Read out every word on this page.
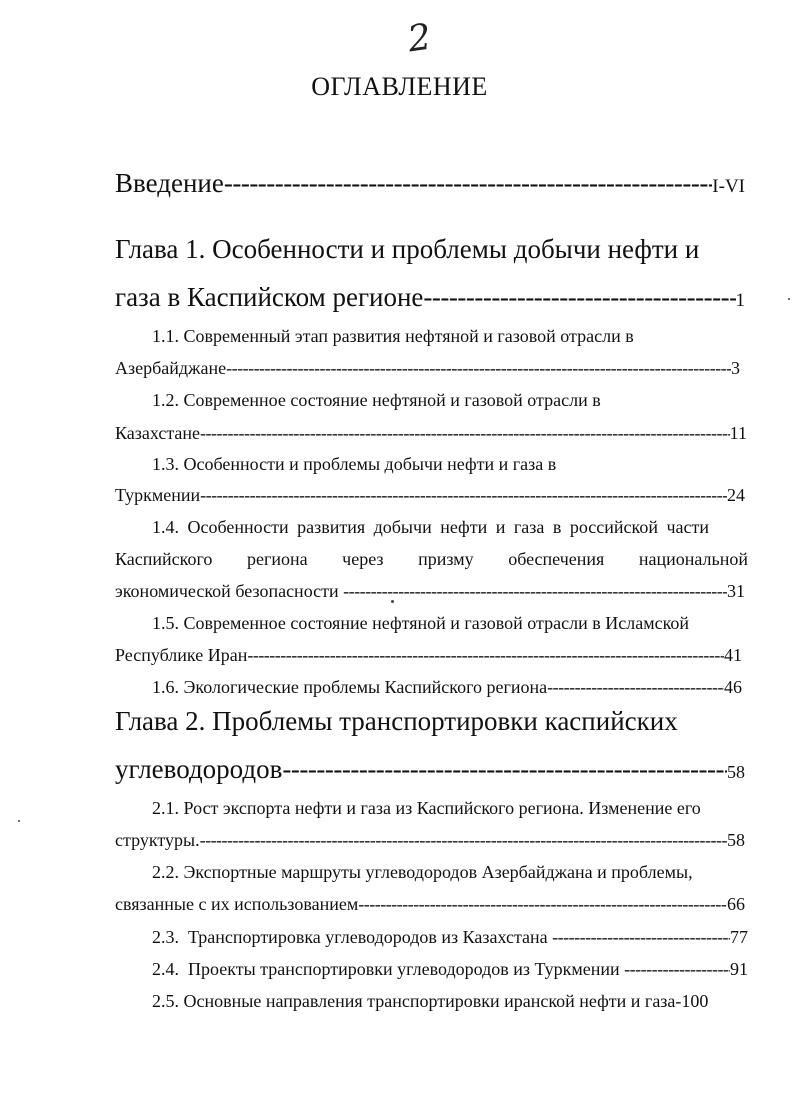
2
ОГЛАВЛЕНИЕ
Введение -----	I-VI
Глава 1. Особенности и проблемы добычи нефти и
газа в Каспийском регионе -----	1
1.1. Современный этап развития нефтяной и газовой отрасли в
Азербайджане -----	3
1.2. Современное состояние нефтяной и газовой отрасли в
Казахстане -----	11
1.3. Особенности и проблемы добычи нефти и газа в
Туркмении -----	24
1.4. Особенности развития добычи нефти и газа в российской части
Каспийского региона через призму обеспечения национальной
экономической безопасности -----	31
1.5. Современное состояние нефтяной и газовой отрасли в Исламской
Республике Иран -----	41
1.6. Экологические проблемы Каспийского региона -----	46
Глава 2. Проблемы транспортировки каспийских
углеводородов -----	58
2.1. Рост экспорта нефти и газа из Каспийского региона. Изменение его
структуры. -----	58
2.2. Экспортные маршруты углеводородов Азербайджана и проблемы,
связанные с их использованием -----	66
2.3.  Транспортировка углеводородов из Казахстана -----	77
2.4.  Проекты транспортировки углеводородов из Туркмении -----	91
2.5. Основные направления транспортировки иранской нефти и газа-100
